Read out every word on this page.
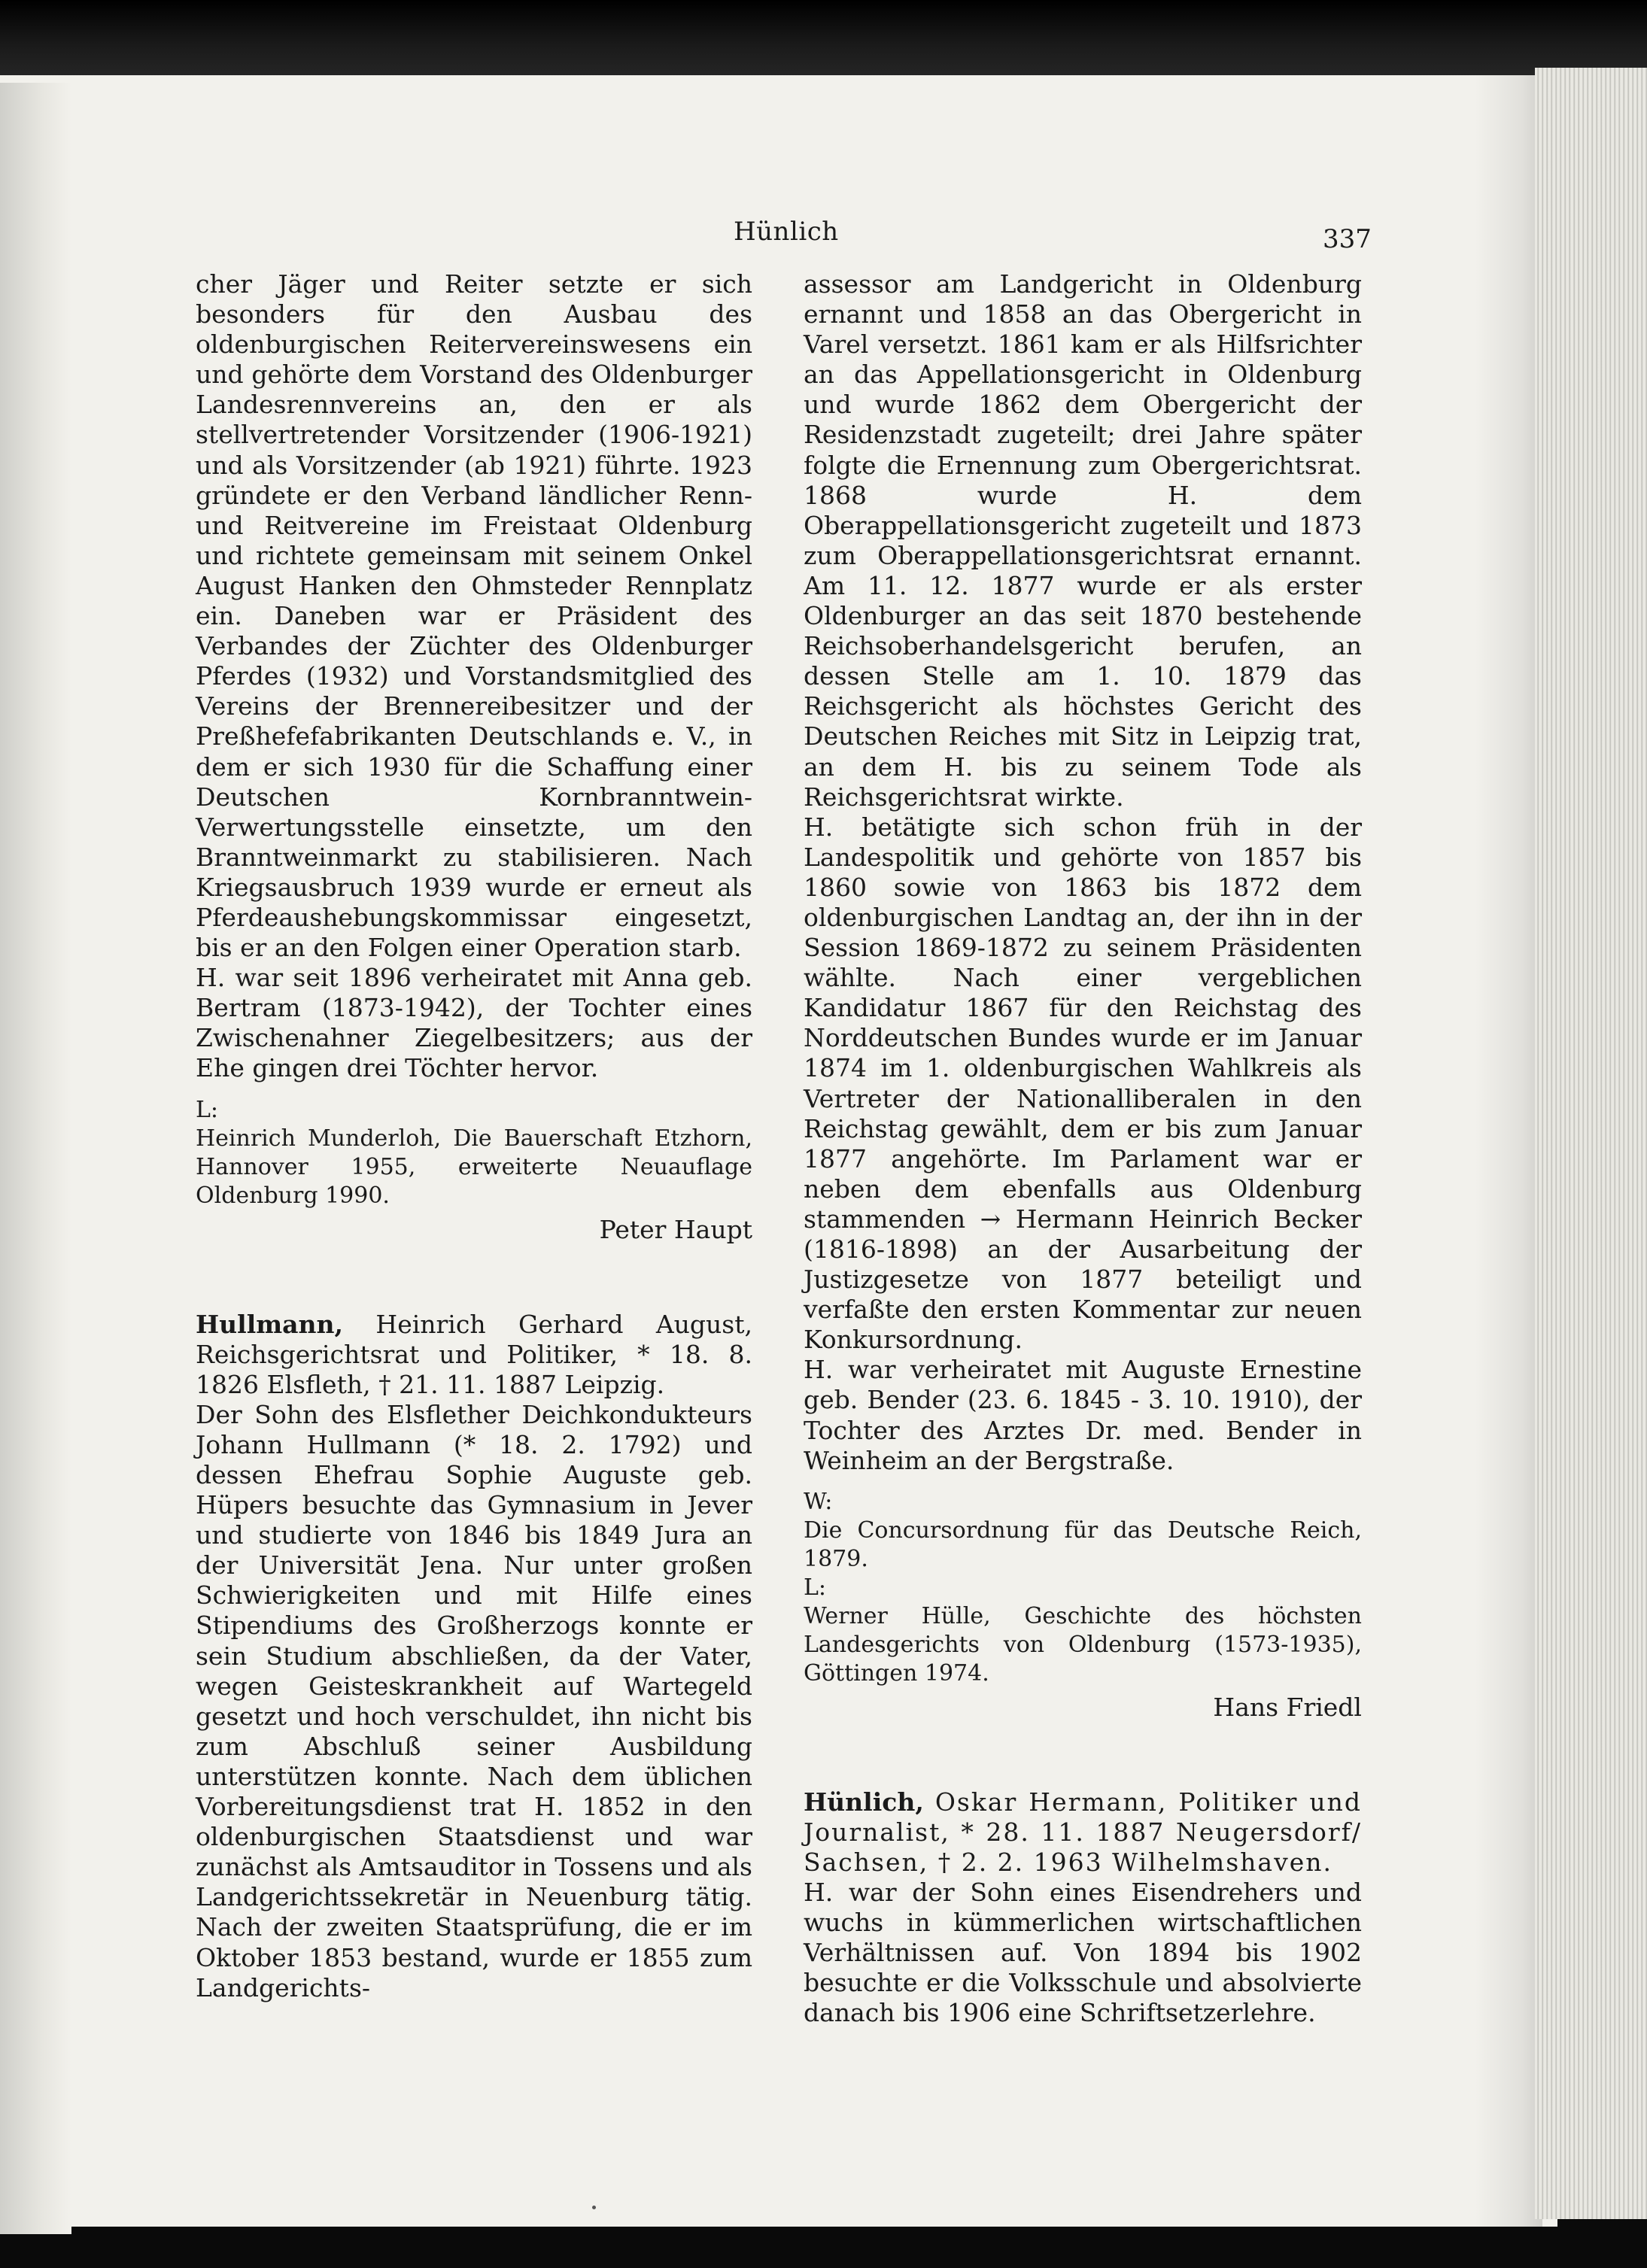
Hünlich	337

cher Jäger und Reiter setzte er sich besonders für den Ausbau des oldenburgischen Reitervereinswesens ein und gehörte dem Vorstand des Oldenburger Landesrennvereins an, den er als stellvertretender Vorsitzender (1906-1921) und als Vorsitzender (ab 1921) führte. 1923 gründete er den Verband ländlicher Renn- und Reitvereine im Freistaat Oldenburg und richtete gemeinsam mit seinem Onkel August Hanken den Ohmsteder Rennplatz ein. Daneben war er Präsident des Verbandes der Züchter des Oldenburger Pferdes (1932) und Vorstandsmitglied des Vereins der Brennereibesitzer und der Preßhefefabrikanten Deutschlands e. V., in dem er sich 1930 für die Schaffung einer Deutschen Kornbranntwein-Verwertungsstelle einsetzte, um den Branntweinmarkt zu stabilisieren. Nach Kriegsausbruch 1939 wurde er erneut als Pferdeaushebungskommissar eingesetzt, bis er an den Folgen einer Operation starb.

H. war seit 1896 verheiratet mit Anna geb. Bertram (1873-1942), der Tochter eines Zwischenahner Ziegelbesitzers; aus der Ehe gingen drei Töchter hervor.

L:

Heinrich Munderloh, Die Bauerschaft Etzhorn, Hannover 1955, erweiterte Neuauflage Oldenburg 1990.

Peter Haupt

Hullmann, Heinrich Gerhard August, Reichsgerichtsrat und Politiker, * 18. 8. 1826 Elsfleth, † 21. 11. 1887 Leipzig.

Der Sohn des Elsflether Deichkondukteurs Johann Hullmann (* 18. 2. 1792) und dessen Ehefrau Sophie Auguste geb. Hüpers besuchte das Gymnasium in Jever und studierte von 1846 bis 1849 Jura an der Universität Jena. Nur unter großen Schwierigkeiten und mit Hilfe eines Stipendiums des Großherzogs konnte er sein Studium abschließen, da der Vater, wegen Geisteskrankheit auf Wartegeld gesetzt und hoch verschuldet, ihn nicht bis zum Abschluß seiner Ausbildung unterstützen konnte. Nach dem üblichen Vorbereitungsdienst trat H. 1852 in den oldenburgischen Staatsdienst und war zunächst als Amtsauditor in Tossens und als Landgerichtssekretär in Neuenburg tätig. Nach der zweiten Staatsprüfung, die er im Oktober 1853 bestand, wurde er 1855 zum Landgerichts-

assessor am Landgericht in Oldenburg ernannt und 1858 an das Obergericht in Varel versetzt. 1861 kam er als Hilfsrichter an das Appellationsgericht in Oldenburg und wurde 1862 dem Obergericht der Residenzstadt zugeteilt; drei Jahre später folgte die Ernennung zum Obergerichtsrat. 1868 wurde H. dem Oberappellationsgericht zugeteilt und 1873 zum Oberappellationsgerichtsrat ernannt. Am 11. 12. 1877 wurde er als erster Oldenburger an das seit 1870 bestehende Reichsoberhandelsgericht berufen, an dessen Stelle am 1. 10. 1879 das Reichsgericht als höchstes Gericht des Deutschen Reiches mit Sitz in Leipzig trat, an dem H. bis zu seinem Tode als Reichsgerichtsrat wirkte.

H. betätigte sich schon früh in der Landespolitik und gehörte von 1857 bis 1860 sowie von 1863 bis 1872 dem oldenburgischen Landtag an, der ihn in der Session 1869-1872 zu seinem Präsidenten wählte. Nach einer vergeblichen Kandidatur 1867 für den Reichstag des Norddeutschen Bundes wurde er im Januar 1874 im 1. oldenburgischen Wahlkreis als Vertreter der Nationalliberalen in den Reichstag gewählt, dem er bis zum Januar 1877 angehörte. Im Parlament war er neben dem ebenfalls aus Oldenburg stammenden → Hermann Heinrich Becker (1816-1898) an der Ausarbeitung der Justizgesetze von 1877 beteiligt und verfaßte den ersten Kommentar zur neuen Konkursordnung.

H. war verheiratet mit Auguste Ernestine geb. Bender (23. 6. 1845 - 3. 10. 1910), der Tochter des Arztes Dr. med. Bender in Weinheim an der Bergstraße.

W:

Die Concursordnung für das Deutsche Reich, 1879.

L:

Werner Hülle, Geschichte des höchsten Landesgerichts von Oldenburg (1573-1935), Göttingen 1974.

Hans Friedl

Hünlich, Oskar Hermann, Politiker und Journalist, * 28. 11. 1887 Neugersdorf/ Sachsen, † 2. 2. 1963 Wilhelmshaven.

H. war der Sohn eines Eisendrehers und wuchs in kümmerlichen wirtschaftlichen Verhältnissen auf. Von 1894 bis 1902 besuchte er die Volksschule und absolvierte danach bis 1906 eine Schriftsetzerlehre.
